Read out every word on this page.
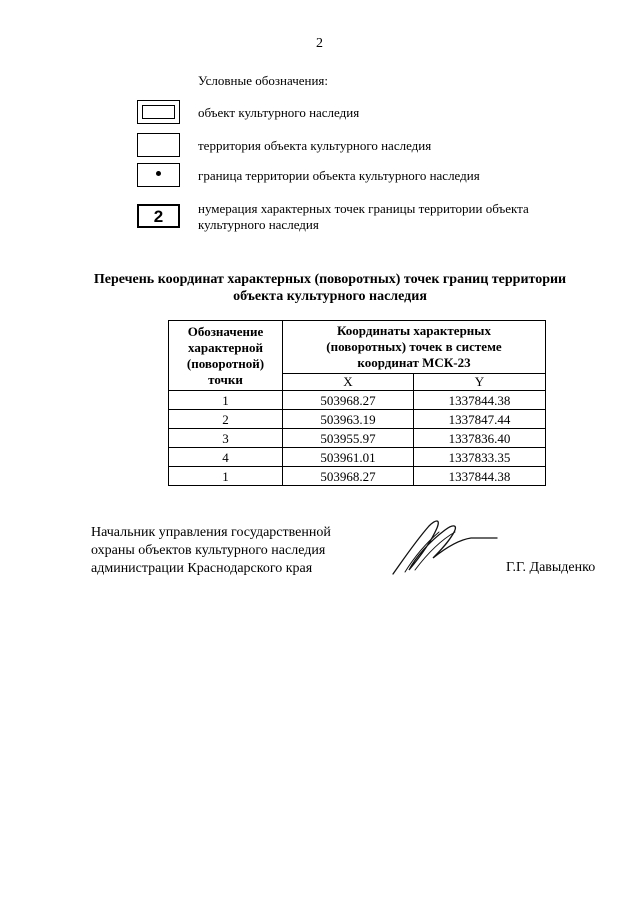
2
Условные обозначения:
объект культурного наследия
территория объекта культурного наследия
граница территории объекта культурного наследия
2	нумерация характерных точек границы территории объекта культурного наследия
Перечень координат характерных (поворотных) точек границ территории
объекта культурного наследия
Обозначение характерной (поворотной) точки	Координаты характерных (поворотных) точек в системе координат МСК-23	
	X	Y
1	503968.27	1337844.38
2	503963.19	1337847.44
3	503955.97	1337836.40
4	503961.01	1337833.35
1	503968.27	1337844.38
Начальник управления государственной
охраны объектов культурного наследия
администрации Краснодарского края	Г.Г. Давыденко
